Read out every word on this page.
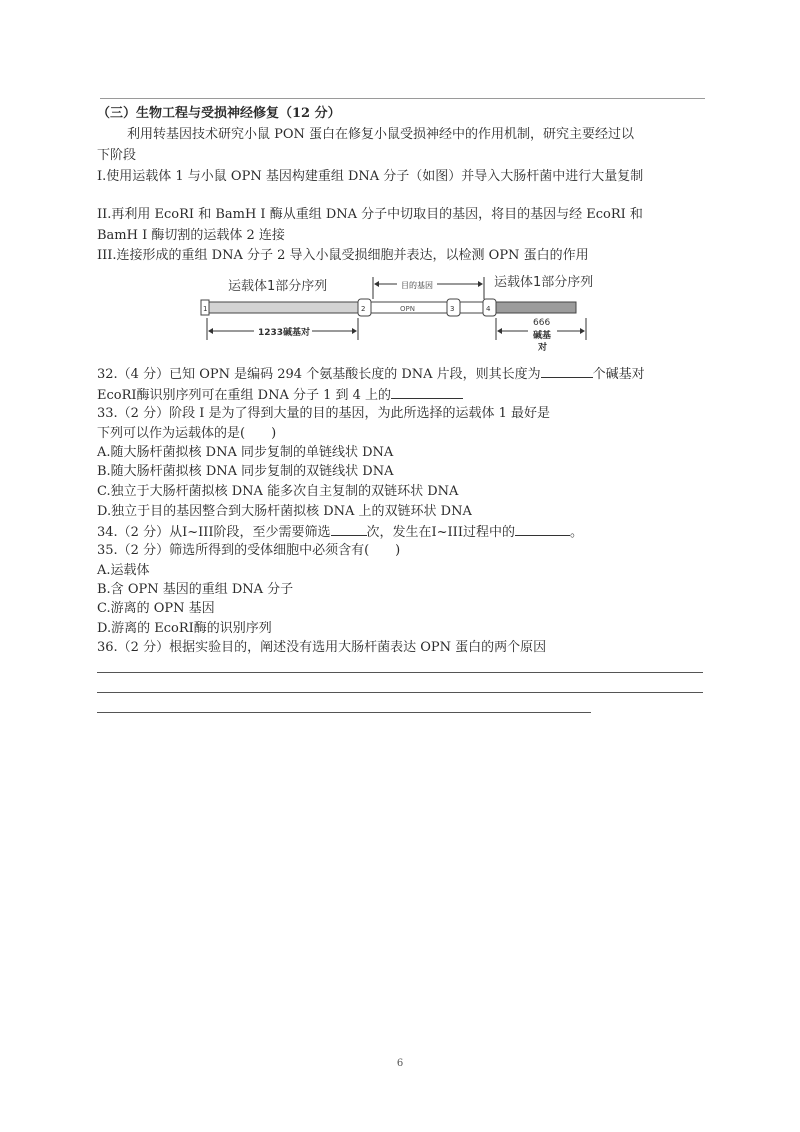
（三）生物工程与受损神经修复（12 分）
利用转基因技术研究小鼠 PON 蛋白在修复小鼠受损神经中的作用机制，研究主要经过以
下阶段
I.使用运载体 1 与小鼠 OPN 基因构建重组 DNA 分子（如图）并导入大肠杆菌中进行大量复制
II.再利用 EcoRI 和 BamH I 酶从重组 DNA 分子中切取目的基因，将目的基因与经 EcoRI 和
BamH I 酶切割的运载体 2 连接
III.连接形成的重组 DNA 分子 2 导入小鼠受损细胞并表达，以检测 OPN 蛋白的作用
运载体1部分序列	运载体1部分序列
1	2	OPN	3	4
目的基因
1233碱基对
666
碱基
对
32.（4 分）已知 OPN 是编码 294 个氨基酸长度的 DNA 片段，则其长度为	个碱基对
EcoRI酶识别序列可在重组 DNA 分子 1 到 4 上的
33.（2 分）阶段 I 是为了得到大量的目的基因，为此所选择的运载体 1 最好是
下列可以作为运载体的是( )
A.随大肠杆菌拟核 DNA 同步复制的单链线状 DNA
B.随大肠杆菌拟核 DNA 同步复制的双链线状 DNA
C.独立于大肠杆菌拟核 DNA 能多次自主复制的双链环状 DNA
D.独立于目的基因整合到大肠杆菌拟核 DNA 上的双链环状 DNA
34.（2 分）从I~III阶段，至少需要筛选	次，发生在I~III过程中的	。
35.（2 分）筛选所得到的受体细胞中必须含有( )
A.运载体
B.含 OPN 基因的重组 DNA 分子
C.游离的 OPN 基因
D.游离的 EcoRI酶的识别序列
36.（2 分）根据实验目的，阐述没有选用大肠杆菌表达 OPN 蛋白的两个原因
6
